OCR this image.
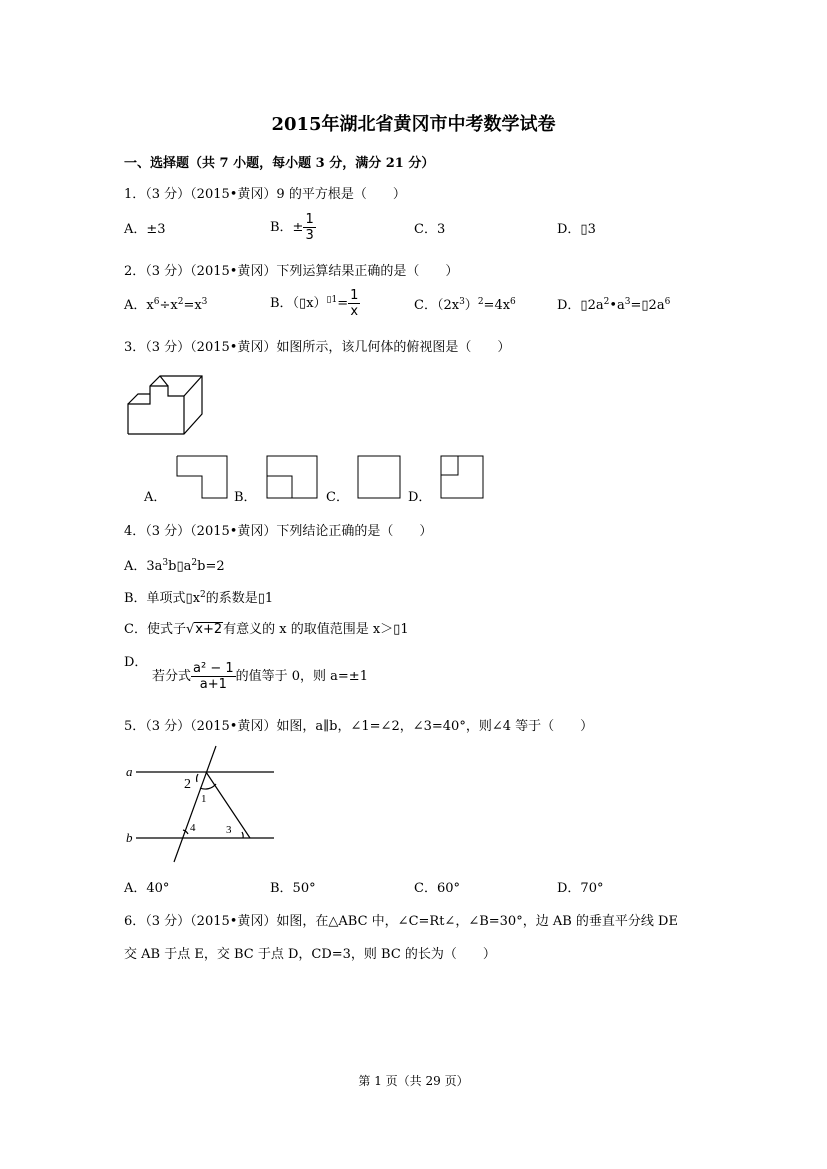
2015年湖北省黄冈市中考数学试卷
一、选择题（共 7 小题，每小题 3 分，满分 21 分）
1．（3 分）（2015•黄冈）9 的平方根是（　　）
A．±3	B．± $\frac{1}{3}$	C．3	D．▯3
2．（3 分）（2015•黄冈）下列运算结果正确的是（　　）
A．$x^6\div x^2=x^3$	B．（▯x）$^{▯1}$= $\frac{1}{x}$	C．$(2x^3)^2=4x^6$	D．$▯2a^2•a^3=▯2a^6$
3．（3 分）（2015•黄冈）如图所示，该几何体的俯视图是（　　）
A．	B．	C．	D．
4．（3 分）（2015•黄冈）下列结论正确的是（　　）
A．$3a^3b▯a^2b=2$
B．单项式$▯x^2$的系数是▯1
C．使式子√x+2有意义的 x 的取值范围是 x＞▯1
D．
若分式 $\frac{\text{a² − 1}}{a+1}$ 的值等于 0，则 a=±1
5．（3 分）（2015•黄冈）如图，a∥b，∠1=∠2，∠3=40°，则∠4 等于（　　）
a
b
2
1
3
4
A．40°	B．50°	C．60°	D．70°
6．（3 分）（2015•黄冈）如图，在△ABC 中，∠C=Rt∠，∠B=30°，边 AB 的垂直平分线 DE
交 AB 于点 E，交 BC 于点 D，CD=3，则 BC 的长为（　　）
第 1 页（共 29 页）
